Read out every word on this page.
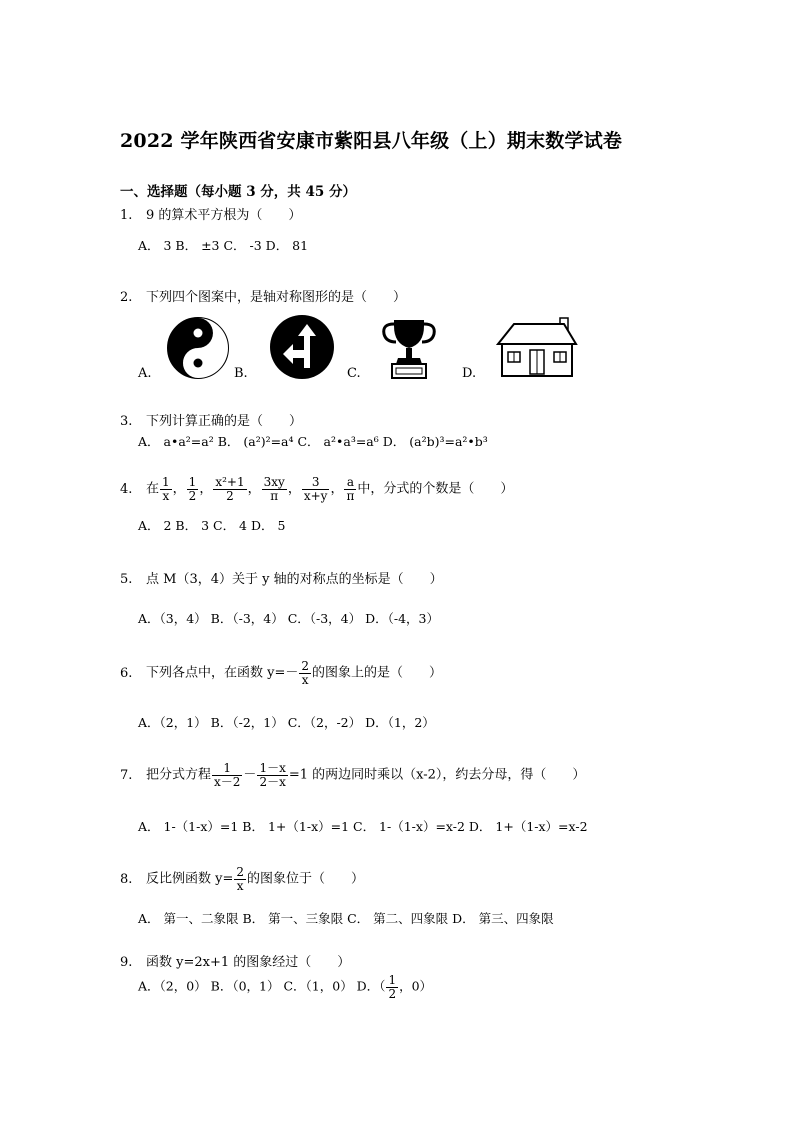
2022 学年陕西省安康市紫阳县八年级（上）期末数学试卷
一、选择题（每小题 3 分，共 45 分）
1. 9 的算术平方根为（　　）
A． 3 B． ±3 C． -3 D． 81
2. 下列四个图案中，是轴对称图形的是（　　）
A.	B.	C.	D.
3. 下列计算正确的是（　　）
A． a•a²=a² B． (a²)²=a⁴ C． a²•a³=a⁶ D． (a²b)³=a²•b³
4. 在 $\frac{1}{x}$ ， $\frac{1}{2}$ ， $\frac{\text{x²+1}}{2}$ ， $\frac{3xy}{\pi}$ ， $\frac{3}{x+y}$ ， $\frac{a}{\pi}$ 中，分式的个数是（　　）
A． 2 B． 3 C． 4 D． 5
5. 点 M（3，4）关于 y 轴的对称点的坐标是（　　）
A．（3，4） B．（-3，4） C．（-3，4） D．（-4，3）
6. 下列各点中，在函数 $y=- \frac{2}{x}$ 的图象上的是（　　）
A．（2，1） B．（-2，1） C．（2，-2） D．（1，2）
7. 把分式方程 $\frac{1}{x-2} - \frac{1-x}{2-x} =1$ 的两边同时乘以（x-2），约去分母，得（　　）
A． 1-（1-x）=1 B． 1+（1-x）=1 C． 1-（1-x）=x-2 D． 1+（1-x）=x-2
8. 反比例函数 $y= \frac{2}{x}$ 的图象位于（　　）
A． 第一、二象限 B． 第一、三象限 C． 第二、四象限 D． 第三、四象限
9. 函数 y=2x+1 的图象经过（　　）
A．（2，0） B．（0，1） C．（1，0） D．（ $\frac{1}{2}$ ，0）
